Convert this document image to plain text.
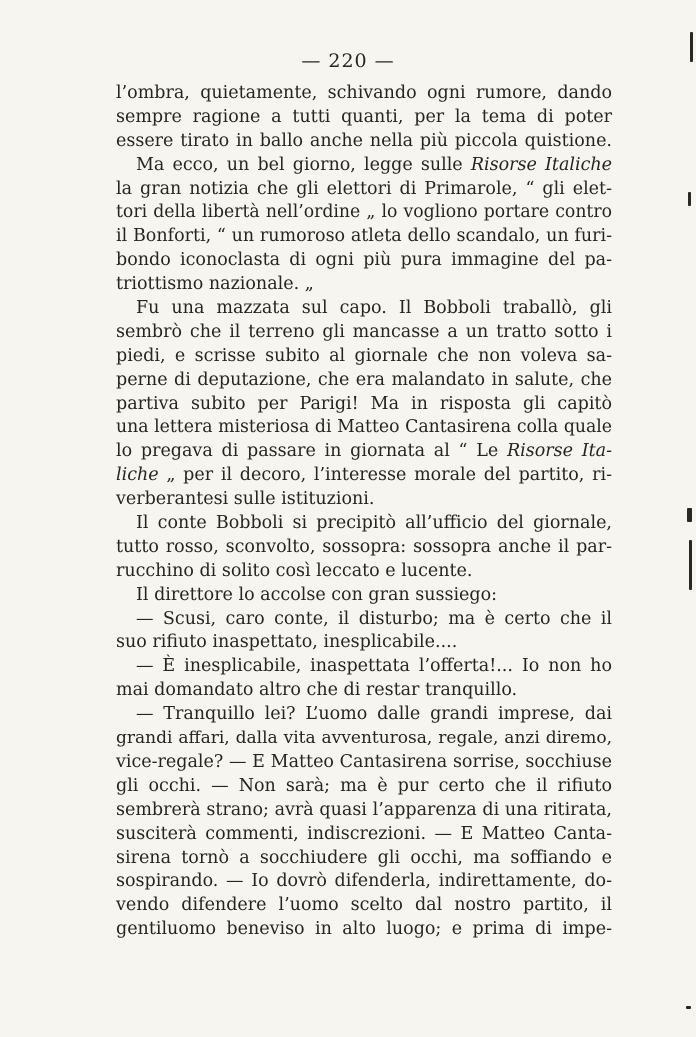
— 220 —
l’ombra, quietamente, schivando ogni rumore, dando
sempre ragione a tutti quanti, per la tema di poter
essere tirato in ballo anche nella più piccola quistione.
Ma ecco, un bel giorno, legge sulle Risorse Italiche
la gran notizia che gli elettori di Primarole, “ gli elet-
tori della libertà nell’ordine „ lo vogliono portare contro
il Bonforti, “ un rumoroso atleta dello scandalo, un furi-
bondo iconoclasta di ogni più pura immagine del pa-
triottismo nazionale. „
Fu una mazzata sul capo. Il Bobboli traballò, gli
sembrò che il terreno gli mancasse a un tratto sotto i
piedi, e scrisse subito al giornale che non voleva sa-
perne di deputazione, che era malandato in salute, che
partiva subito per Parigi! Ma in risposta gli capitò
una lettera misteriosa di Matteo Cantasirena colla quale
lo pregava di passare in giornata al “ Le Risorse Ita-
liche „ per il decoro, l’interesse morale del partito, ri-
verberantesi sulle istituzioni.
Il conte Bobboli si precipitò all’ufficio del giornale,
tutto rosso, sconvolto, sossopra: sossopra anche il par-
rucchino di solito così leccato e lucente.
Il direttore lo accolse con gran sussiego:
— Scusi, caro conte, il disturbo; ma è certo che il
suo rifiuto inaspettato, inesplicabile....
— È inesplicabile, inaspettata l’offerta!... Io non ho
mai domandato altro che di restar tranquillo.
— Tranquillo lei? L’uomo dalle grandi imprese, dai
grandi affari, dalla vita avventurosa, regale, anzi diremo,
vice-regale? — E Matteo Cantasirena sorrise, socchiuse
gli occhi. — Non sarà; ma è pur certo che il rifiuto
sembrerà strano; avrà quasi l’apparenza di una ritirata,
susciterà commenti, indiscrezioni. — E Matteo Canta-
sirena tornò a socchiudere gli occhi, ma soffiando e
sospirando. — Io dovrò difenderla, indirettamente, do-
vendo difendere l’uomo scelto dal nostro partito, il
gentiluomo beneviso in alto luogo; e prima di impe-
